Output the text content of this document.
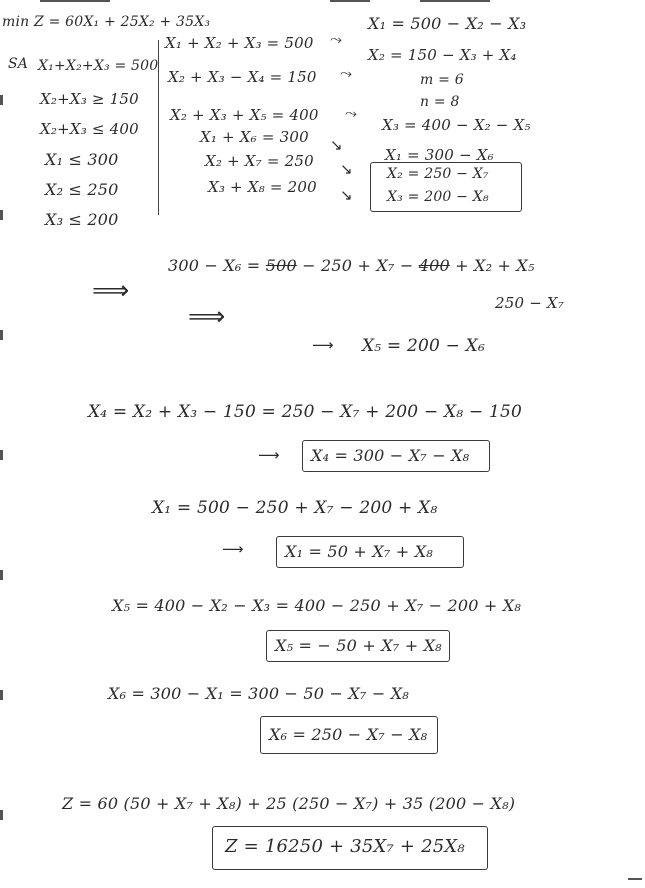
min Z = 60X₁ + 25X₂ + 35X₃
SA X₁+X₂+X₃ = 500
X₂+X₃ ≥ 150
X₂+X₃ ≤ 400
X₁ ≤ 300
X₂ ≤ 250
X₃ ≤ 200
X₁ + X₂ + X₃ = 500
X₂ + X₃ − X₄ = 150
X₂ + X₃ + X₅ = 400
X₁ + X₆ = 300
X₂ + X₇ = 250
X₃ + X₈ = 200
⤳
⤳
⤳
↘
↘
↘
X₁ = 500 − X₂ − X₃
X₂ = 150 − X₃ + X₄
m = 6
n = 8
X₃ = 400 − X₂ − X₅
X₁ = 300 − X₆
X₂ = 250 − X₇
X₃ = 200 − X₈
⟹
300 − X₆ = 500 − 250 + X₇ − 400 + X₂ + X₅
250 − X₇
⟹
⟶ X₅ = 200 − X₆
X₄ = X₂ + X₃ − 150 = 250 − X₇ + 200 − X₈ − 150
⟶ X₄ = 300 − X₇ − X₈
X₁ = 500 − 250 + X₇ − 200 + X₈
⟶	X₁ = 50 + X₇ + X₈
X₅ = 400 − X₂ − X₃ = 400 − 250 + X₇ − 200 + X₈
X₅ = − 50 + X₇ + X₈
X₆ = 300 − X₁ = 300 − 50 − X₇ − X₈
X₆ = 250 − X₇ − X₈
Z = 60 (50 + X₇ + X₈) + 25 (250 − X₇) + 35 (200 − X₈)
Z = 16250 + 35X₇ + 25X₈
